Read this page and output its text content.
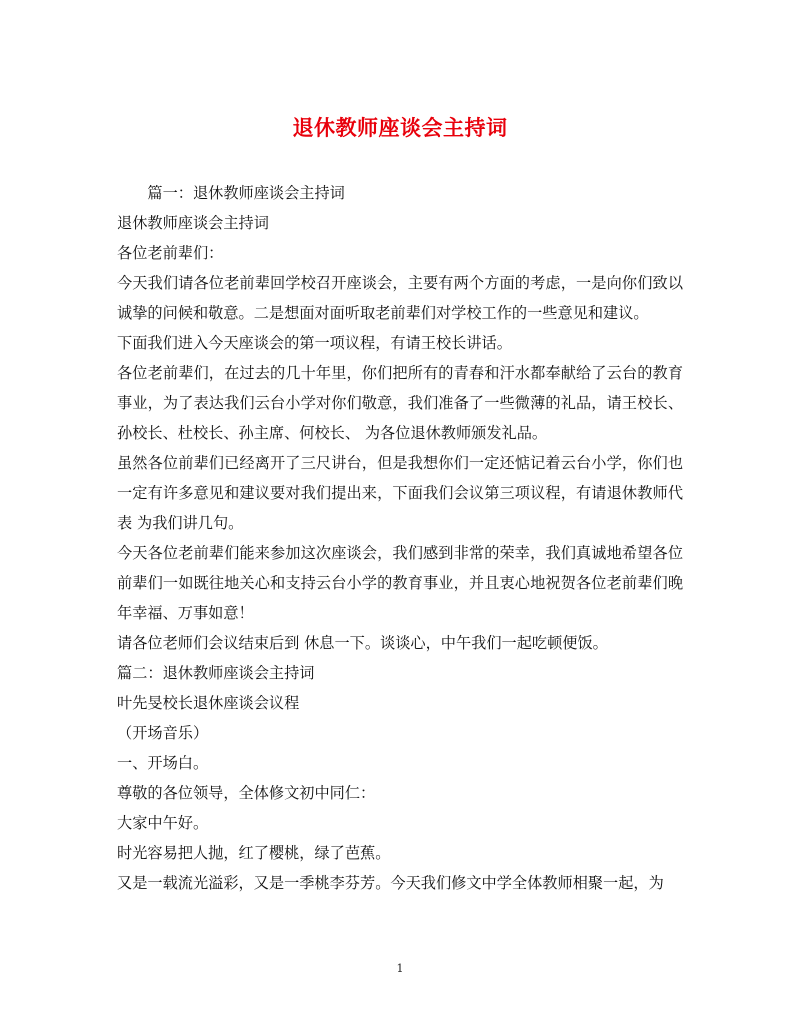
退休教师座谈会主持词

篇一：退休教师座谈会主持词

退休教师座谈会主持词

各位老前辈们：

今天我们请各位老前辈回学校召开座谈会，主要有两个方面的考虑，一是向你们致以诚挚的问候和敬意。二是想面对面听取老前辈们对学校工作的一些意见和建议。

下面我们进入今天座谈会的第一项议程，有请王校长讲话。

各位老前辈们，在过去的几十年里，你们把所有的青春和汗水都奉献给了云台的教育事业，为了表达我们云台小学对你们敬意，我们准备了一些微薄的礼品，请王校长、孙校长、杜校长、孙主席、何校长、 为各位退休教师颁发礼品。

虽然各位前辈们已经离开了三尺讲台，但是我想你们一定还惦记着云台小学，你们也一定有许多意见和建议要对我们提出来，下面我们会议第三项议程，有请退休教师代表 为我们讲几句。

今天各位老前辈们能来参加这次座谈会，我们感到非常的荣幸，我们真诚地希望各位前辈们一如既往地关心和支持云台小学的教育事业，并且衷心地祝贺各位老前辈们晚年幸福、万事如意！

请各位老师们会议结束后到 休息一下。谈谈心，中午我们一起吃顿便饭。

篇二：退休教师座谈会主持词

叶先旻校长退休座谈会议程

（开场音乐）

一、开场白。

尊敬的各位领导，全体修文初中同仁：

大家中午好。

时光容易把人抛，红了樱桃，绿了芭蕉。

又是一载流光溢彩，又是一季桃李芬芳。今天我们修文中学全体教师相聚一起，为

1
